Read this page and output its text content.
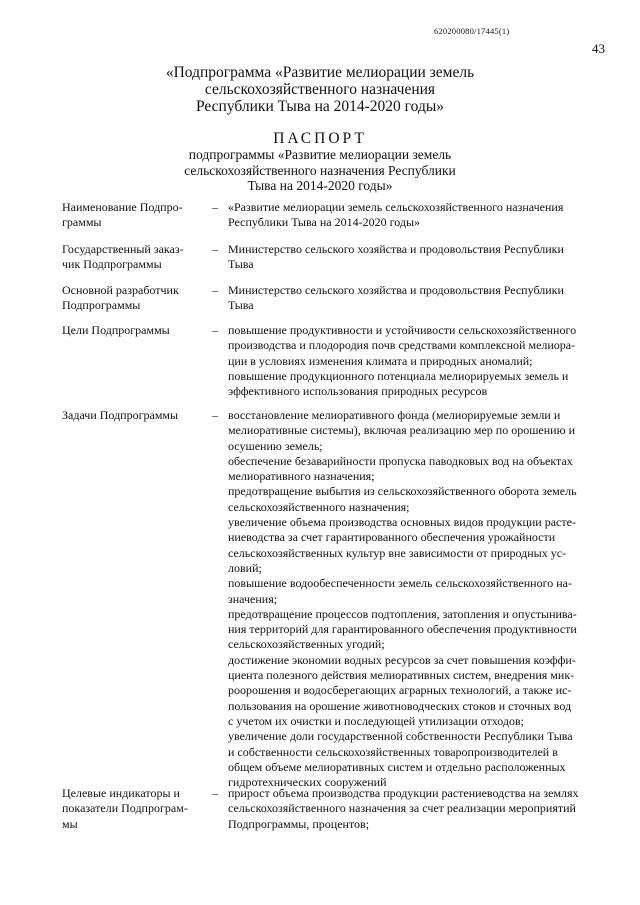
620200080/17445(1)
43
«Подпрограмма «Развитие мелиорации земель
сельскохозяйственного назначения
Республики Тыва на 2014-2020 годы»
ПАСПОРТ
подпрограммы «Развитие мелиорации земель
сельскохозяйственного назначения Республики
Тыва на 2014-2020 годы»
Наименование Подпро-
граммы
– «Развитие мелиорации земель сельскохозяйственного назначения
Республики Тыва на 2014-2020 годы»
Государственный заказ-
чик Подпрограммы
– Министерство сельского хозяйства и продовольствия Республики
Тыва
Основной разработчик
Подпрограммы
– Министерство сельского хозяйства и продовольствия Республики
Тыва
Цели Подпрограммы	– повышение продуктивности и устойчивости сельскохозяйственного
производства и плодородия почв средствами комплексной мелиора-
ции в условиях изменения климата и природных аномалий;
повышение продукционного потенциала мелиорируемых земель и
эффективного использования природных ресурсов
Задачи Подпрограммы	– восстановление мелиоративного фонда (мелиорируемые земли и
мелиоративные системы), включая реализацию мер по орошению и
осушению земель;
обеспечение безаварийности пропуска паводковых вод на объектах
мелиоративного назначения;
предотвращение выбытия из сельскохозяйственного оборота земель
сельскохозяйственного назначения;
увеличение объема производства основных видов продукции расте-
ниеводства за счет гарантированного обеспечения урожайности
сельскохозяйственных культур вне зависимости от природных ус-
ловий;
повышение водообеспеченности земель сельскохозяйственного на-
значения;
предотвращение процессов подтопления, затопления и опустынива-
ния территорий для гарантированного обеспечения продуктивности
сельскохозяйственных угодий;
достижение экономии водных ресурсов за счет повышения коэффи-
циента полезного действия мелиоративных систем, внедрения мик-
роорошения и водосберегающих аграрных технологий, а также ис-
пользования на орошение животноводческих стоков и сточных вод
с учетом их очистки и последующей утилизации отходов;
увеличение доли государственной собственности Республики Тыва
и собственности сельскохозяйственных товаропроизводителей в
общем объеме мелиоративных систем и отдельно расположенных
гидротехнических сооружений
Целевые индикаторы и
показатели Подпрограм-
мы
– прирост объема производства продукции растениеводства на землях
сельскохозяйственного назначения за счет реализации мероприятий
Подпрограммы, процентов;
